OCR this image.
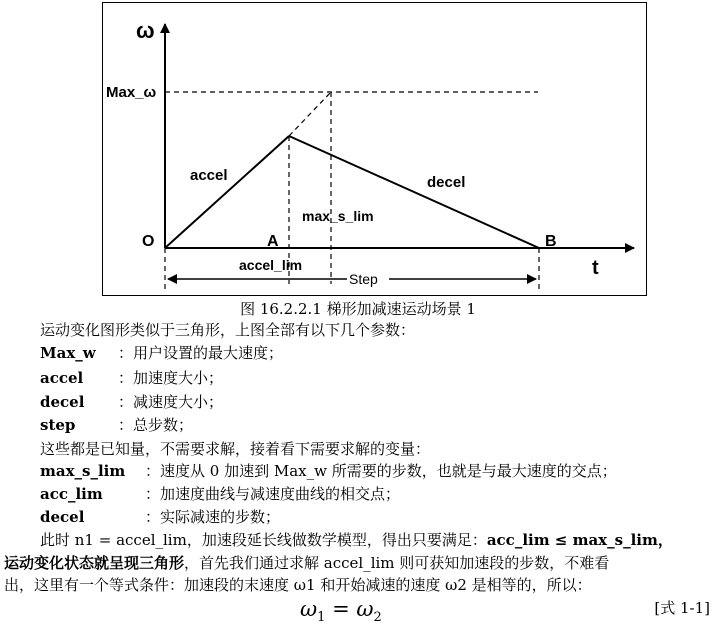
ω
Max_ω
O	A	B
t
accel	decel
max_s_lim
accel_lim
Step
图 16.2.2.1 梯形加减速运动场景 1
运动变化图形类似于三角形，上图全部有以下几个参数：
Max_w ：用户设置的最大速度；
accel ：加速度大小；
decel ：减速度大小；
step	：总步数；
这些都是已知量，不需要求解，接着看下需要求解的变量：
max_s_lim ：速度从 0 加速到 Max_w 所需要的步数，也就是与最大速度的交点；
acc_lim	：加速度曲线与减速度曲线的相交点；
decel	：实际减速的步数；
此时 n1 = accel_lim，加速段延长线做数学模型，得出只要满足：acc_lim ≤ max_s_lim，
运动变化状态就呈现三角形，首先我们通过求解 accel_lim 则可获知加速段的步数，不难看
出，这里有一个等式条件：加速段的末速度 ω1 和开始减速的速度 ω2 是相等的，所以：
$\omega_1 = \omega_2$
[式 1-1]
